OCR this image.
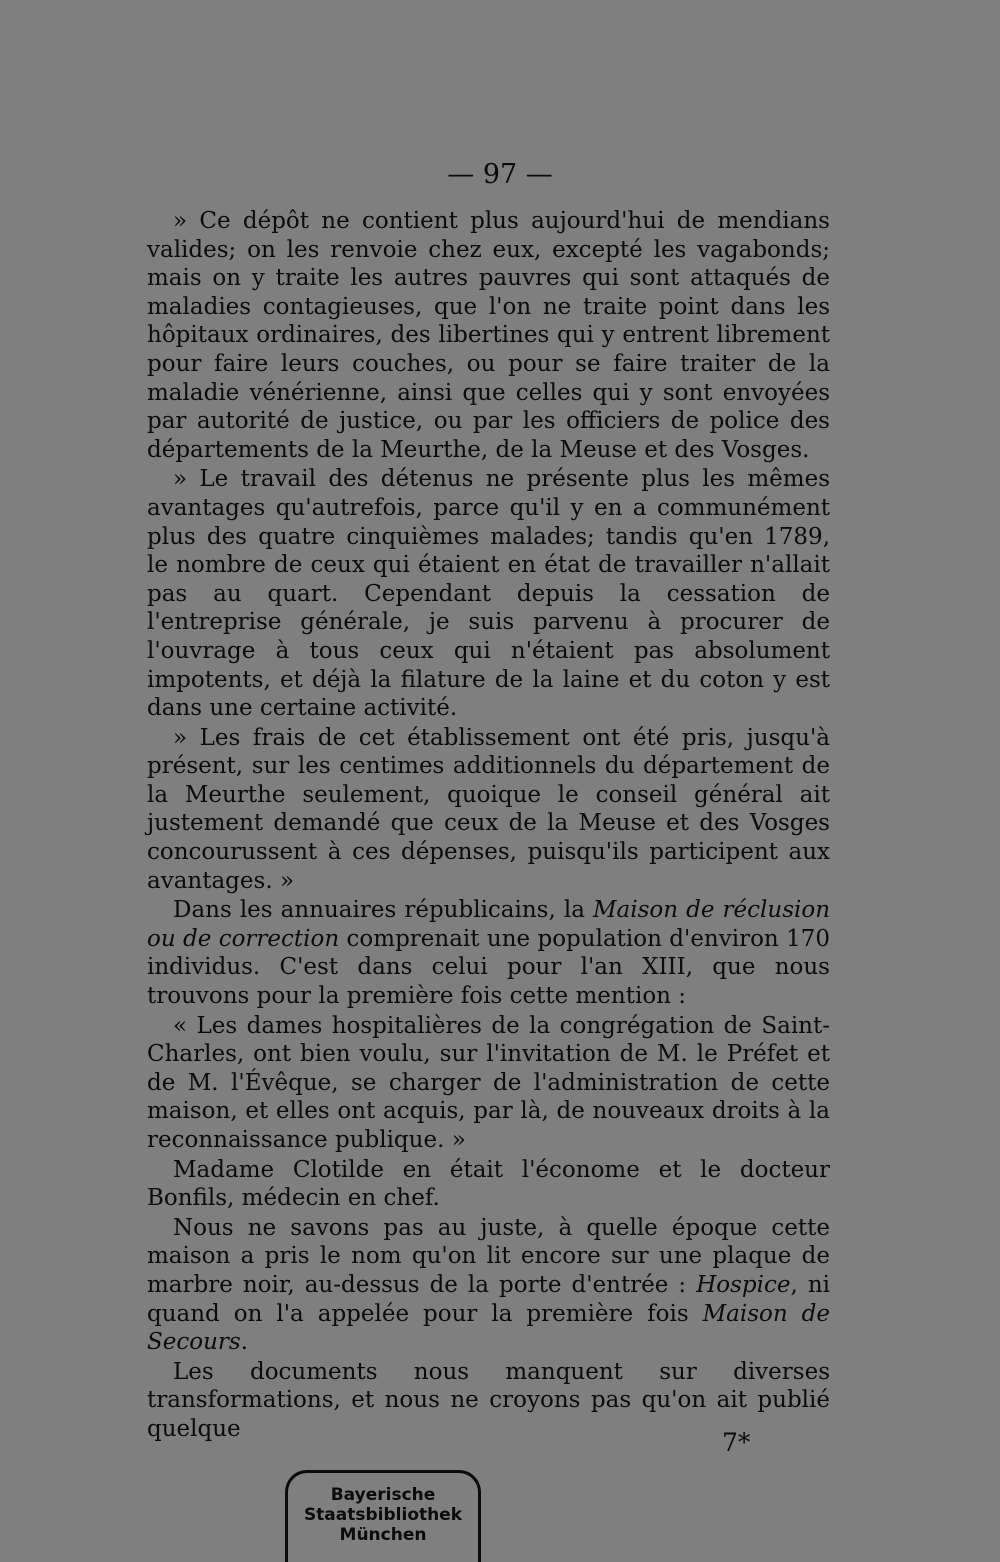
— 97 —

» Ce dépôt ne contient plus aujourd'hui de mendians valides; on les renvoie chez eux, excepté les vagabonds; mais on y traite les autres pauvres qui sont attaqués de maladies contagieuses, que l'on ne traite point dans les hôpitaux ordinaires, des libertines qui y entrent librement pour faire leurs couches, ou pour se faire traiter de la maladie vénérienne, ainsi que celles qui y sont envoyées par autorité de justice, ou par les officiers de police des départements de la Meurthe, de la Meuse et des Vosges.

» Le travail des détenus ne présente plus les mêmes avantages qu'autrefois, parce qu'il y en a communément plus des quatre cinquièmes malades; tandis qu'en 1789, le nombre de ceux qui étaient en état de travailler n'allait pas au quart. Cependant depuis la cessation de l'entreprise générale, je suis parvenu à procurer de l'ouvrage à tous ceux qui n'étaient pas absolument impotents, et déjà la filature de la laine et du coton y est dans une certaine activité.

» Les frais de cet établissement ont été pris, jusqu'à présent, sur les centimes additionnels du département de la Meurthe seulement, quoique le conseil général ait justement demandé que ceux de la Meuse et des Vosges concourussent à ces dépenses, puisqu'ils participent aux avantages. »

Dans les annuaires républicains, la Maison de réclusion ou de correction comprenait une population d'environ 170 individus. C'est dans celui pour l'an XIII, que nous trouvons pour la première fois cette mention :

« Les dames hospitalières de la congrégation de Saint-Charles, ont bien voulu, sur l'invitation de M. le Préfet et de M. l'Évêque, se charger de l'administration de cette maison, et elles ont acquis, par là, de nouveaux droits à la reconnaissance publique. »

Madame Clotilde en était l'économe et le docteur Bonfils, médecin en chef.

Nous ne savons pas au juste, à quelle époque cette maison a pris le nom qu'on lit encore sur une plaque de marbre noir, au-dessus de la porte d'entrée : Hospice, ni quand on l'a appelée pour la première fois Maison de Secours.

Les documents nous manquent sur diverses transformations, et nous ne croyons pas qu'on ait publié quelque	7*
Bayerische
Staatsbibliothek
München
